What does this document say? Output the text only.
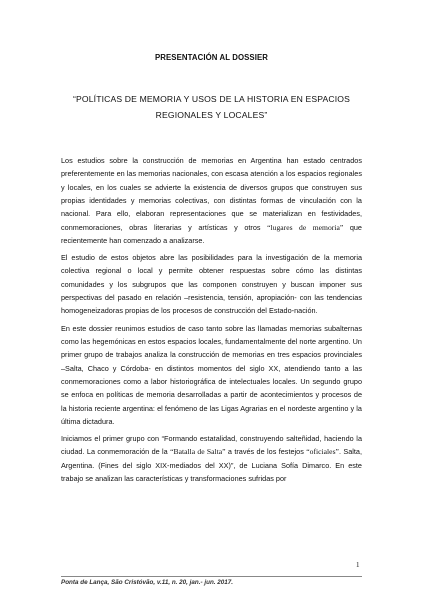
PRESENTACIÓN AL DOSSIER
“POLÍTICAS DE MEMORIA Y USOS DE LA HISTORIA EN ESPACIOS REGIONALES Y LOCALES”

Los estudios sobre la construcción de memorias en Argentina han estado centrados preferentemente en las memorias nacionales, con escasa atención a los espacios regionales y locales, en los cuales se advierte la existencia de diversos grupos que construyen sus propias identidades y memorias colectivas, con distintas formas de vinculación con la nacional. Para ello, elaboran representaciones que se materializan en festividades, conmemoraciones, obras literarias y artísticas y otros “lugares de memoria” que recientemente han comenzado a analizarse.

El estudio de estos objetos abre las posibilidades para la investigación de la memoria colectiva regional o local y permite obtener respuestas sobre cómo las distintas comunidades y los subgrupos que las componen construyen y buscan imponer sus perspectivas del pasado en relación –resistencia, tensión, apropiación- con las tendencias homogeneizadoras propias de los procesos de construcción del Estado-nación.

En este dossier reunimos estudios de caso tanto sobre las llamadas memorias subalternas como las hegemónicas en estos espacios locales, fundamentalmente del norte argentino. Un primer grupo de trabajos analiza la construcción de memorias en tres espacios provinciales –Salta, Chaco y Córdoba- en distintos momentos del siglo XX, atendiendo tanto a las conmemoraciones como a labor historiográfica de intelectuales locales. Un segundo grupo se enfoca en políticas de memoria desarrolladas a partir de acontecimientos y procesos de la historia reciente argentina: el fenómeno de las Ligas Agrarias en el nordeste argentino y la última dictadura.

Iniciamos el primer grupo con “Formando estatalidad, construyendo salteñidad, haciendo la ciudad. La conmemoración de la “Batalla de Salta” a través de los festejos “oficiales”. Salta, Argentina. (Fines del siglo XIX-mediados del XX)”, de Luciana Sofía Dimarco. En este trabajo se analizan las características y transformaciones sufridas por

1
Ponta de Lança, São Cristóvão, v.11, n. 20, jan.- jun. 2017.
